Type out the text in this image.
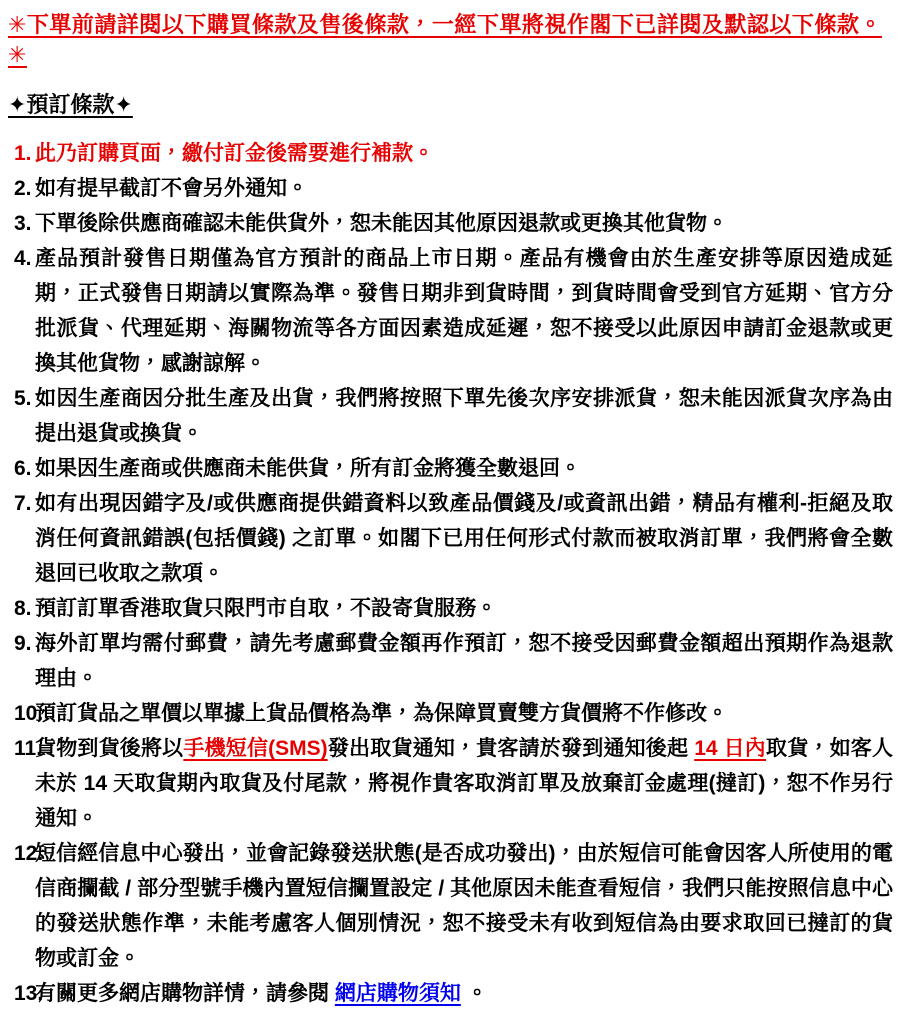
✳下單前請詳閱以下購買條款及售後條款，一經下單將視作閣下已詳閱及默認以下條款。✳
✦預訂條款✦
1. 此乃訂購頁面，繳付訂金後需要進行補款。
2. 如有提早截訂不會另外通知。
3. 下單後除供應商確認未能供貨外，恕未能因其他原因退款或更換其他貨物。
4. 產品預計發售日期僅為官方預計的商品上市日期。產品有機會由於生產安排等原因造成延期，正式發售日期請以實際為準。發售日期非到貨時間，到貨時間會受到官方延期、官方分批派貨、代理延期、海關物流等各方面因素造成延遲，恕不接受以此原因申請訂金退款或更換其他貨物，感謝諒解。
5. 如因生產商因分批生產及出貨，我們將按照下單先後次序安排派貨，恕未能因派貨次序為由提出退貨或換貨。
6. 如果因生產商或供應商未能供貨，所有訂金將獲全數退回。
7. 如有出現因錯字及/或供應商提供錯資料以致產品價錢及/或資訊出錯，精品有權利-拒絕及取消任何資訊錯誤(包括價錢) 之訂單。如閣下已用任何形式付款而被取消訂單，我們將會全數退回已收取之款項。
8. 預訂訂單香港取貨只限門市自取，不設寄貨服務。
9. 海外訂單均需付郵費，請先考慮郵費金額再作預訂，恕不接受因郵費金額超出預期作為退款理由。
10.
預訂貨品之單價以單據上貨品價格為準，為保障買賣雙方貨價將不作修改。
11.
貨物到貨後將以手機短信(SMS)發出取貨通知，貴客請於發到通知後起 14 日內取貨，如客人未於 14 天取貨期內取貨及付尾款，將視作貴客取消訂單及放棄訂金處理(撻訂)，恕不作另行通知。
12.
短信經信息中心發出，並會記錄發送狀態(是否成功發出)，由於短信可能會因客人所使用的電信商攔截 / 部分型號手機內置短信攔置設定 / 其他原因未能查看短信，我們只能按照信息中心的發送狀態作準，未能考慮客人個別情況，恕不接受未有收到短信為由要求取回已撻訂的貨物或訂金。
13.
有關更多網店購物詳情，請參閱 網店購物須知 。
